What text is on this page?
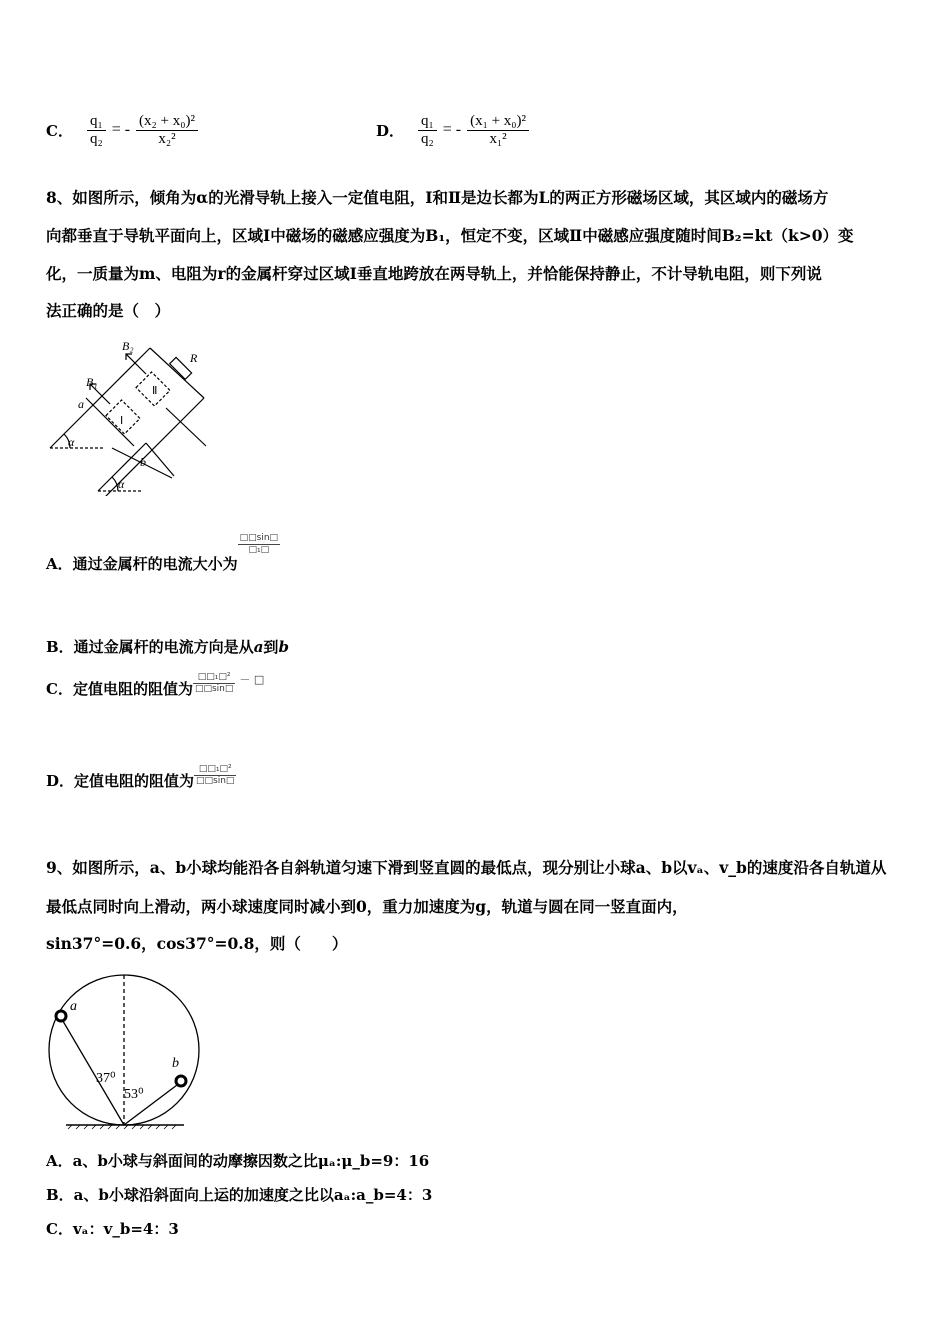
C． $\frac{\text{q₁}}{\text{q₂}}$ = - $\frac{\text{(x₂ + x₀)²}}{\text{x₂²}}$	D． $\frac{\text{q₁}}{\text{q₂}}$ = - $\frac{\text{(x₁ + x₀)²}}{\text{x₁²}}$
8、如图所示，倾角为α的光滑导轨上接入一定值电阻，Ⅰ和Ⅱ是边长都为L的两正方形磁场区域，其区域内的磁场方
向都垂直于导轨平面向上，区域Ⅰ中磁场的磁感应强度为B₁，恒定不变，区域Ⅱ中磁感应强度随时间B₂=kt（k>0）变
化，一质量为m、电阻为r的金属杆穿过区域Ⅰ垂直地跨放在两导轨上，并恰能保持静止，不计导轨电阻，则下列说
法正确的是（　）
B₂
B₁
R
a
b
α
α
Ⅰ
Ⅱ
A．通过金属杆的电流大小为
□□sin□
□₁□
B．通过金属杆的电流方向是从a到b
C．定值电阻的阻值为
□□₁□²
□□sin□
－ □
D．定值电阻的阻值为
□□₁□²
□□sin□
9、如图所示，a、b小球均能沿各自斜轨道匀速下滑到竖直圆的最低点，现分别让小球a、b以vₐ、v_b的速度沿各自轨道从
最低点同时向上滑动，两小球速度同时减小到0，重力加速度为g，轨道与圆在同一竖直面内，
sin37°=0.6，cos37°=0.8，则（　　）
a
b
37⁰
53⁰
A．a、b小球与斜面间的动摩擦因数之比μₐ:μ_b=9：16
B．a、b小球沿斜面向上运的加速度之比以aₐ:a_b=4：3
C．vₐ：v_b=4：3
